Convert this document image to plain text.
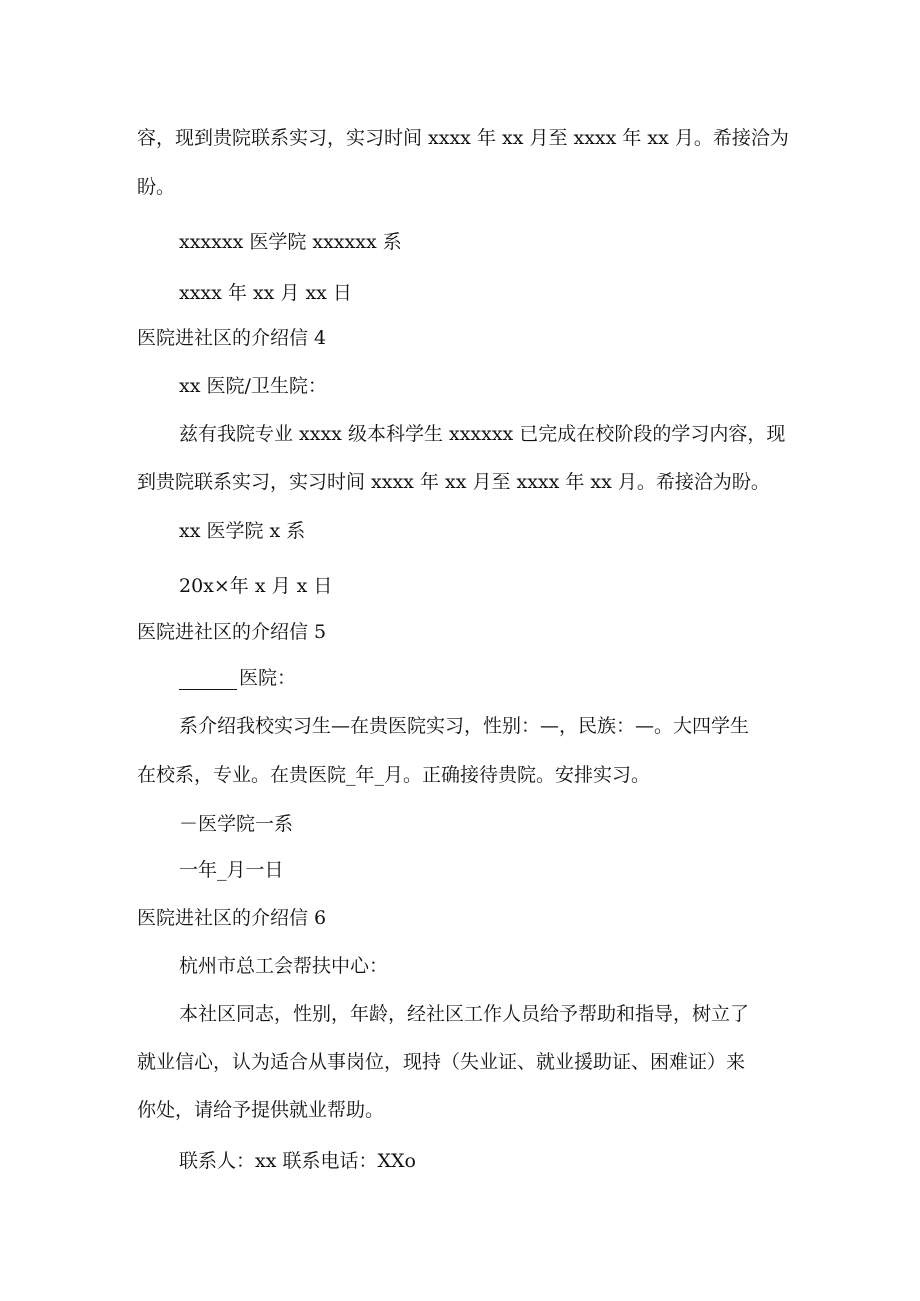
容，现到贵院联系实习，实习时间 xxxx 年 xx 月至 xxxx 年 xx 月。希接洽为
盼。
xxxxxx 医学院 xxxxxx 系
xxxx 年 xx 月 xx 日
医院进社区的介绍信 4
xx 医院/卫生院：
兹有我院专业 xxxx 级本科学生 xxxxxx 已完成在校阶段的学习内容，现
到贵院联系实习，实习时间 xxxx 年 xx 月至 xxxx 年 xx 月。希接洽为盼。
xx 医学院 x 系
20x×年 x 月 x 日
医院进社区的介绍信 5
医院：
系介绍我校实习生—在贵医院实习，性别：—，民族：—。大四学生
在校系，专业。在贵医院_年_月。正确接待贵院。安排实习。
－医学院一系
一年_月一日
医院进社区的介绍信 6
杭州市总工会帮扶中心：
本社区同志，性别，年龄，经社区工作人员给予帮助和指导，树立了
就业信心，认为适合从事岗位，现持（失业证、就业援助证、困难证）来
你处，请给予提供就业帮助。
联系人：xx 联系电话：XXo
